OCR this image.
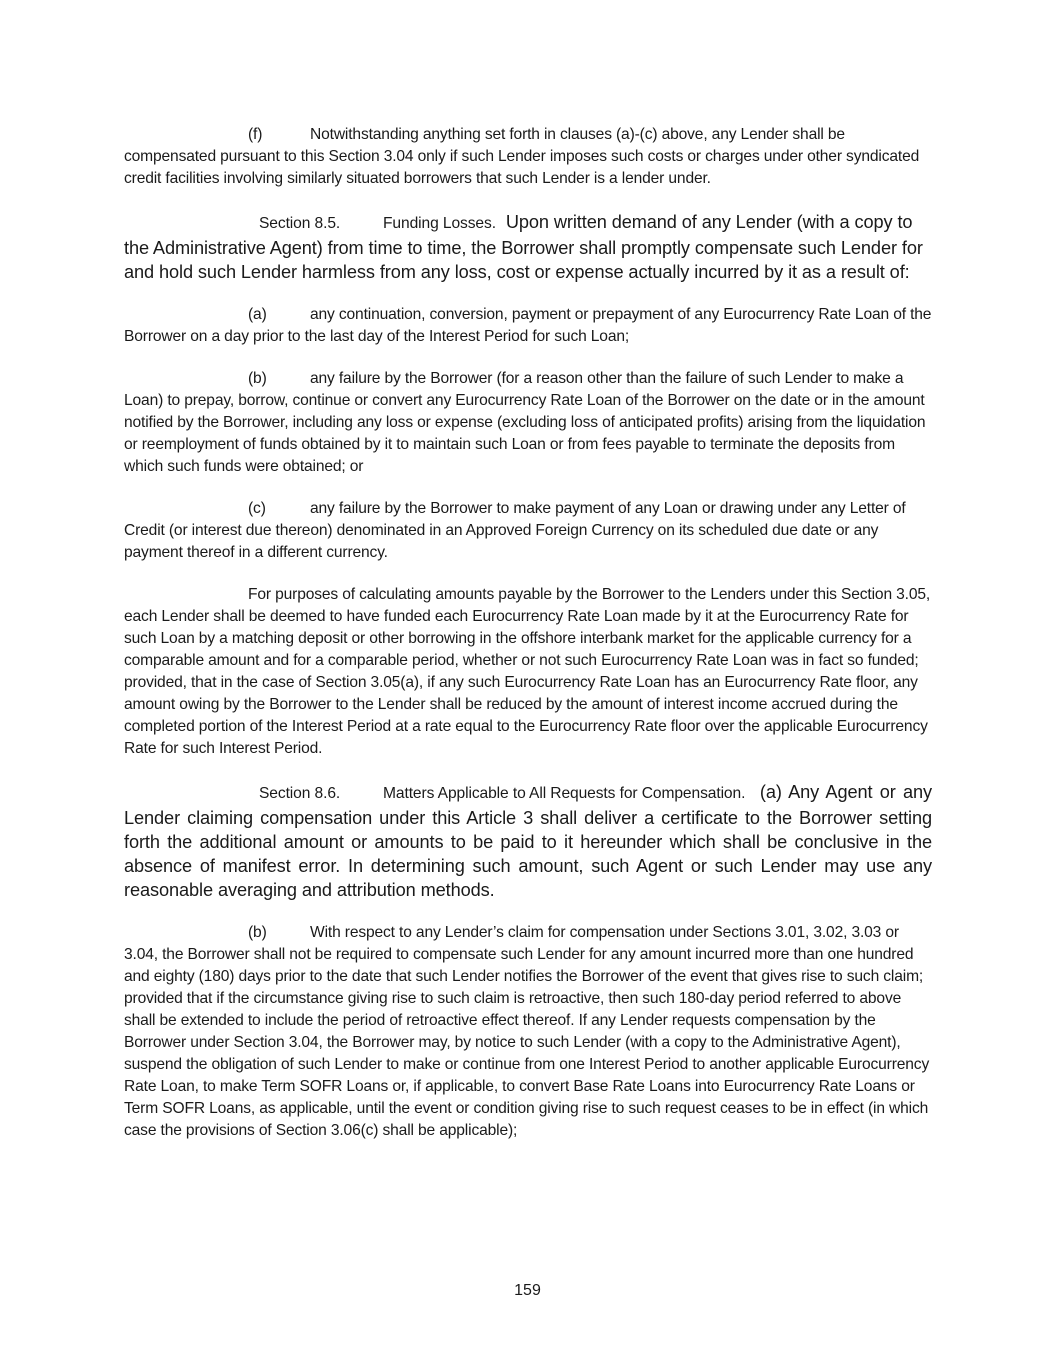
(f)	Notwithstanding anything set forth in clauses (a)-(c) above, any Lender shall be compensated pursuant to this Section 3.04 only if such Lender imposes such costs or charges under other syndicated credit facilities involving similarly situated borrowers that such Lender is a lender under.

Section 8.5.	Funding Losses. Upon written demand of any Lender (with a copy to the Administrative Agent) from time to time, the Borrower shall promptly compensate such Lender for and hold such Lender harmless from any loss, cost or expense actually incurred by it as a result of:

(a)	any continuation, conversion, payment or prepayment of any Eurocurrency Rate Loan of the Borrower on a day prior to the last day of the Interest Period for such Loan;

(b)	any failure by the Borrower (for a reason other than the failure of such Lender to make a Loan) to prepay, borrow, continue or convert any Eurocurrency Rate Loan of the Borrower on the date or in the amount notified by the Borrower, including any loss or expense (excluding loss of anticipated profits) arising from the liquidation or reemployment of funds obtained by it to maintain such Loan or from fees payable to terminate the deposits from which such funds were obtained; or

(c)	any failure by the Borrower to make payment of any Loan or drawing under any Letter of Credit (or interest due thereon) denominated in an Approved Foreign Currency on its scheduled due date or any payment thereof in a different currency.

For purposes of calculating amounts payable by the Borrower to the Lenders under this Section 3.05, each Lender shall be deemed to have funded each Eurocurrency Rate Loan made by it at the Eurocurrency Rate for such Loan by a matching deposit or other borrowing in the offshore interbank market for the applicable currency for a comparable amount and for a comparable period, whether or not such Eurocurrency Rate Loan was in fact so funded; provided, that in the case of Section 3.05(a), if any such Eurocurrency Rate Loan has an Eurocurrency Rate floor, any amount owing by the Borrower to the Lender shall be reduced by the amount of interest income accrued during the completed portion of the Interest Period at a rate equal to the Eurocurrency Rate floor over the applicable Eurocurrency Rate for such Interest Period.

Section 8.6.	Matters Applicable to All Requests for Compensation. (a) Any Agent or any Lender claiming compensation under this Article 3 shall deliver a certificate to the Borrower setting forth the additional amount or amounts to be paid to it hereunder which shall be conclusive in the absence of manifest error. In determining such amount, such Agent or such Lender may use any reasonable averaging and attribution methods.

(b)	With respect to any Lender’s claim for compensation under Sections 3.01, 3.02, 3.03 or 3.04, the Borrower shall not be required to compensate such Lender for any amount incurred more than one hundred and eighty (180) days prior to the date that such Lender notifies the Borrower of the event that gives rise to such claim; provided that if the circumstance giving rise to such claim is retroactive, then such 180-day period referred to above shall be extended to include the period of retroactive effect thereof. If any Lender requests compensation by the Borrower under Section 3.04, the Borrower may, by notice to such Lender (with a copy to the Administrative Agent), suspend the obligation of such Lender to make or continue from one Interest Period to another applicable Eurocurrency Rate Loan, to make Term SOFR Loans or, if applicable, to convert Base Rate Loans into Eurocurrency Rate Loans or Term SOFR Loans, as applicable, until the event or condition giving rise to such request ceases to be in effect (in which case the provisions of Section 3.06(c) shall be applicable);

159
